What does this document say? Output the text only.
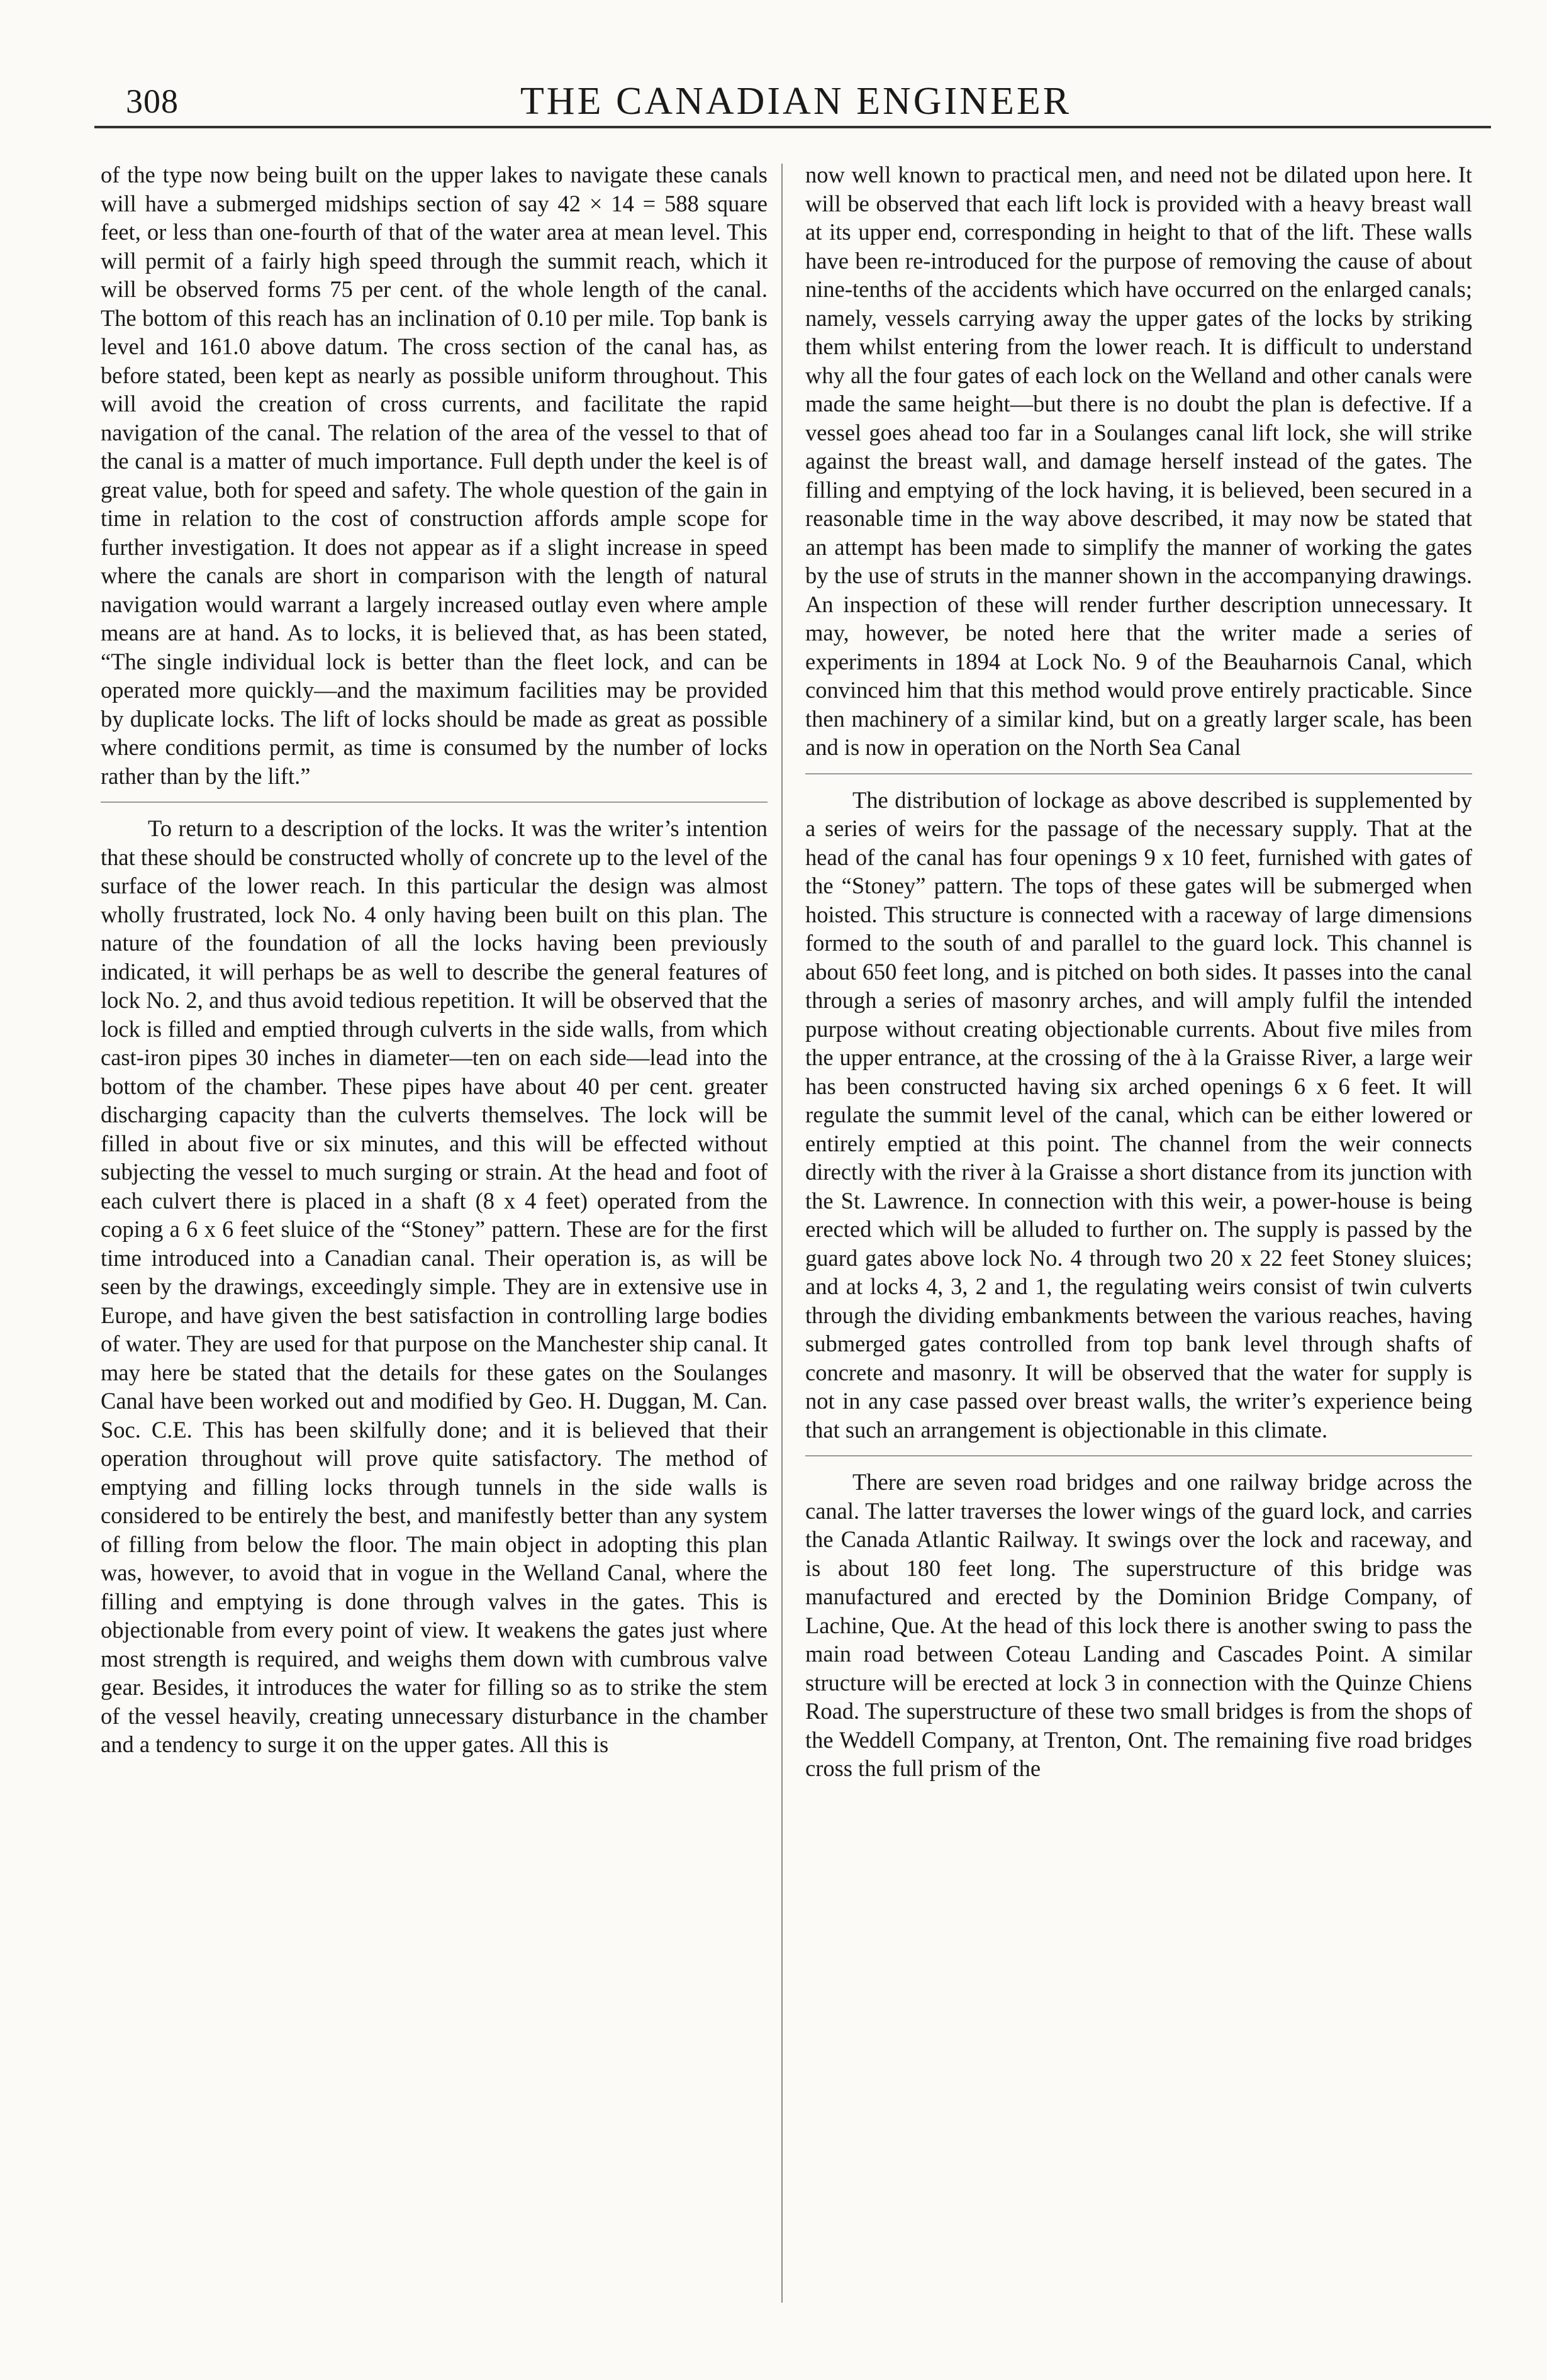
308	THE CANADIAN ENGINEER

of the type now being built on the upper lakes to navigate these canals will have a submerged midships section of say 42 × 14 = 588 square feet, or less than one-fourth of that of the water area at mean level. This will permit of a fairly high speed through the summit reach, which it will be observed forms 75 per cent. of the whole length of the canal. The bottom of this reach has an inclination of 0.10 per mile. Top bank is level and 161.0 above datum. The cross section of the canal has, as before stated, been kept as nearly as possible uniform throughout. This will avoid the creation of cross currents, and facilitate the rapid navigation of the canal. The relation of the area of the vessel to that of the canal is a matter of much importance. Full depth under the keel is of great value, both for speed and safety. The whole question of the gain in time in relation to the cost of construction affords ample scope for further investigation. It does not appear as if a slight increase in speed where the canals are short in comparison with the length of natural navigation would warrant a largely increased outlay even where ample means are at hand. As to locks, it is believed that, as has been stated, “The single individual lock is better than the fleet lock, and can be operated more quickly—and the maximum facilities may be provided by duplicate locks. The lift of locks should be made as great as possible where conditions permit, as time is consumed by the number of locks rather than by the lift.”

To return to a description of the locks. It was the writer’s intention that these should be constructed wholly of concrete up to the level of the surface of the lower reach. In this particular the design was almost wholly frustrated, lock No. 4 only having been built on this plan. The nature of the foundation of all the locks having been previously indicated, it will perhaps be as well to describe the general features of lock No. 2, and thus avoid tedious repetition. It will be observed that the lock is filled and emptied through culverts in the side walls, from which cast-iron pipes 30 inches in diameter—ten on each side—lead into the bottom of the chamber. These pipes have about 40 per cent. greater discharging capacity than the culverts themselves. The lock will be filled in about five or six minutes, and this will be effected without subjecting the vessel to much surging or strain. At the head and foot of each culvert there is placed in a shaft (8 x 4 feet) operated from the coping a 6 x 6 feet sluice of the “Stoney” pattern. These are for the first time introduced into a Canadian canal. Their operation is, as will be seen by the drawings, exceedingly simple. They are in extensive use in Europe, and have given the best satisfaction in controlling large bodies of water. They are used for that purpose on the Manchester ship canal. It may here be stated that the details for these gates on the Soulanges Canal have been worked out and modified by Geo. H. Duggan, M. Can. Soc. C.E. This has been skilfully done; and it is believed that their operation throughout will prove quite satisfactory. The method of emptying and filling locks through tunnels in the side walls is considered to be entirely the best, and manifestly better than any system of filling from below the floor. The main object in adopting this plan was, however, to avoid that in vogue in the Welland Canal, where the filling and emptying is done through valves in the gates. This is objectionable from every point of view. It weakens the gates just where most strength is required, and weighs them down with cumbrous valve gear. Besides, it introduces the water for filling so as to strike the stem of the vessel heavily, creating unnecessary disturbance in the chamber and a tendency to surge it on the upper gates. All this is

now well known to practical men, and need not be dilated upon here. It will be observed that each lift lock is provided with a heavy breast wall at its upper end, corresponding in height to that of the lift. These walls have been re-introduced for the purpose of removing the cause of about nine-tenths of the accidents which have occurred on the enlarged canals; namely, vessels carrying away the upper gates of the locks by striking them whilst entering from the lower reach. It is difficult to understand why all the four gates of each lock on the Welland and other canals were made the same height—but there is no doubt the plan is defective. If a vessel goes ahead too far in a Soulanges canal lift lock, she will strike against the breast wall, and damage herself instead of the gates. The filling and emptying of the lock having, it is believed, been secured in a reasonable time in the way above described, it may now be stated that an attempt has been made to simplify the manner of working the gates by the use of struts in the manner shown in the accompanying drawings. An inspection of these will render further description unnecessary. It may, however, be noted here that the writer made a series of experiments in 1894 at Lock No. 9 of the Beauharnois Canal, which convinced him that this method would prove entirely practicable. Since then machinery of a similar kind, but on a greatly larger scale, has been and is now in operation on the North Sea Canal

The distribution of lockage as above described is supplemented by a series of weirs for the passage of the necessary supply. That at the head of the canal has four openings 9 x 10 feet, furnished with gates of the “Stoney” pattern. The tops of these gates will be submerged when hoisted. This structure is connected with a raceway of large dimensions formed to the south of and parallel to the guard lock. This channel is about 650 feet long, and is pitched on both sides. It passes into the canal through a series of masonry arches, and will amply fulfil the intended purpose without creating objectionable currents. About five miles from the upper entrance, at the crossing of the à la Graisse River, a large weir has been constructed having six arched openings 6 x 6 feet. It will regulate the summit level of the canal, which can be either lowered or entirely emptied at this point. The channel from the weir connects directly with the river à la Graisse a short distance from its junction with the St. Lawrence. In connection with this weir, a power-house is being erected which will be alluded to further on. The supply is passed by the guard gates above lock No. 4 through two 20 x 22 feet Stoney sluices; and at locks 4, 3, 2 and 1, the regulating weirs consist of twin culverts through the dividing embankments between the various reaches, having submerged gates controlled from top bank level through shafts of concrete and masonry. It will be observed that the water for supply is not in any case passed over breast walls, the writer’s experience being that such an arrangement is objectionable in this climate.

There are seven road bridges and one railway bridge across the canal. The latter traverses the lower wings of the guard lock, and carries the Canada Atlantic Railway. It swings over the lock and raceway, and is about 180 feet long. The superstructure of this bridge was manufactured and erected by the Dominion Bridge Company, of Lachine, Que. At the head of this lock there is another swing to pass the main road between Coteau Landing and Cascades Point. A similar structure will be erected at lock 3 in connection with the Quinze Chiens Road. The superstructure of these two small bridges is from the shops of the Weddell Company, at Trenton, Ont. The remaining five road bridges cross the full prism of the
